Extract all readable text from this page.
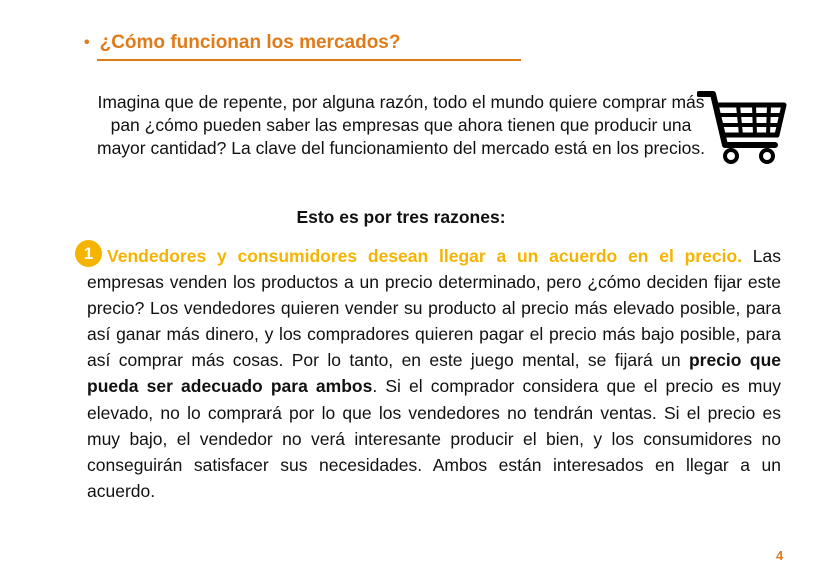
• ¿Cómo funcionan los mercados?
Imagina que de repente, por alguna razón, todo el mundo quiere comprar más pan ¿cómo pueden saber las empresas que ahora tienen que producir una mayor cantidad? La clave del funcionamiento del mercado está en los precios.
Esto es por tres razones:
1 Vendedores y consumidores desean llegar a un acuerdo en el precio. Las empresas venden los productos a un precio determinado, pero ¿cómo deciden fijar este precio? Los vendedores quieren vender su producto al precio más elevado posible, para así ganar más dinero, y los compradores quieren pagar el precio más bajo posible, para así comprar más cosas. Por lo tanto, en este juego mental, se fijará un precio que pueda ser adecuado para ambos. Si el comprador considera que el precio es muy elevado, no lo comprará por lo que los vendedores no tendrán ventas. Si el precio es muy bajo, el vendedor no verá interesante producir el bien, y los consumidores no conseguirán satisfacer sus necesidades. Ambos están interesados en llegar a un acuerdo.
4
